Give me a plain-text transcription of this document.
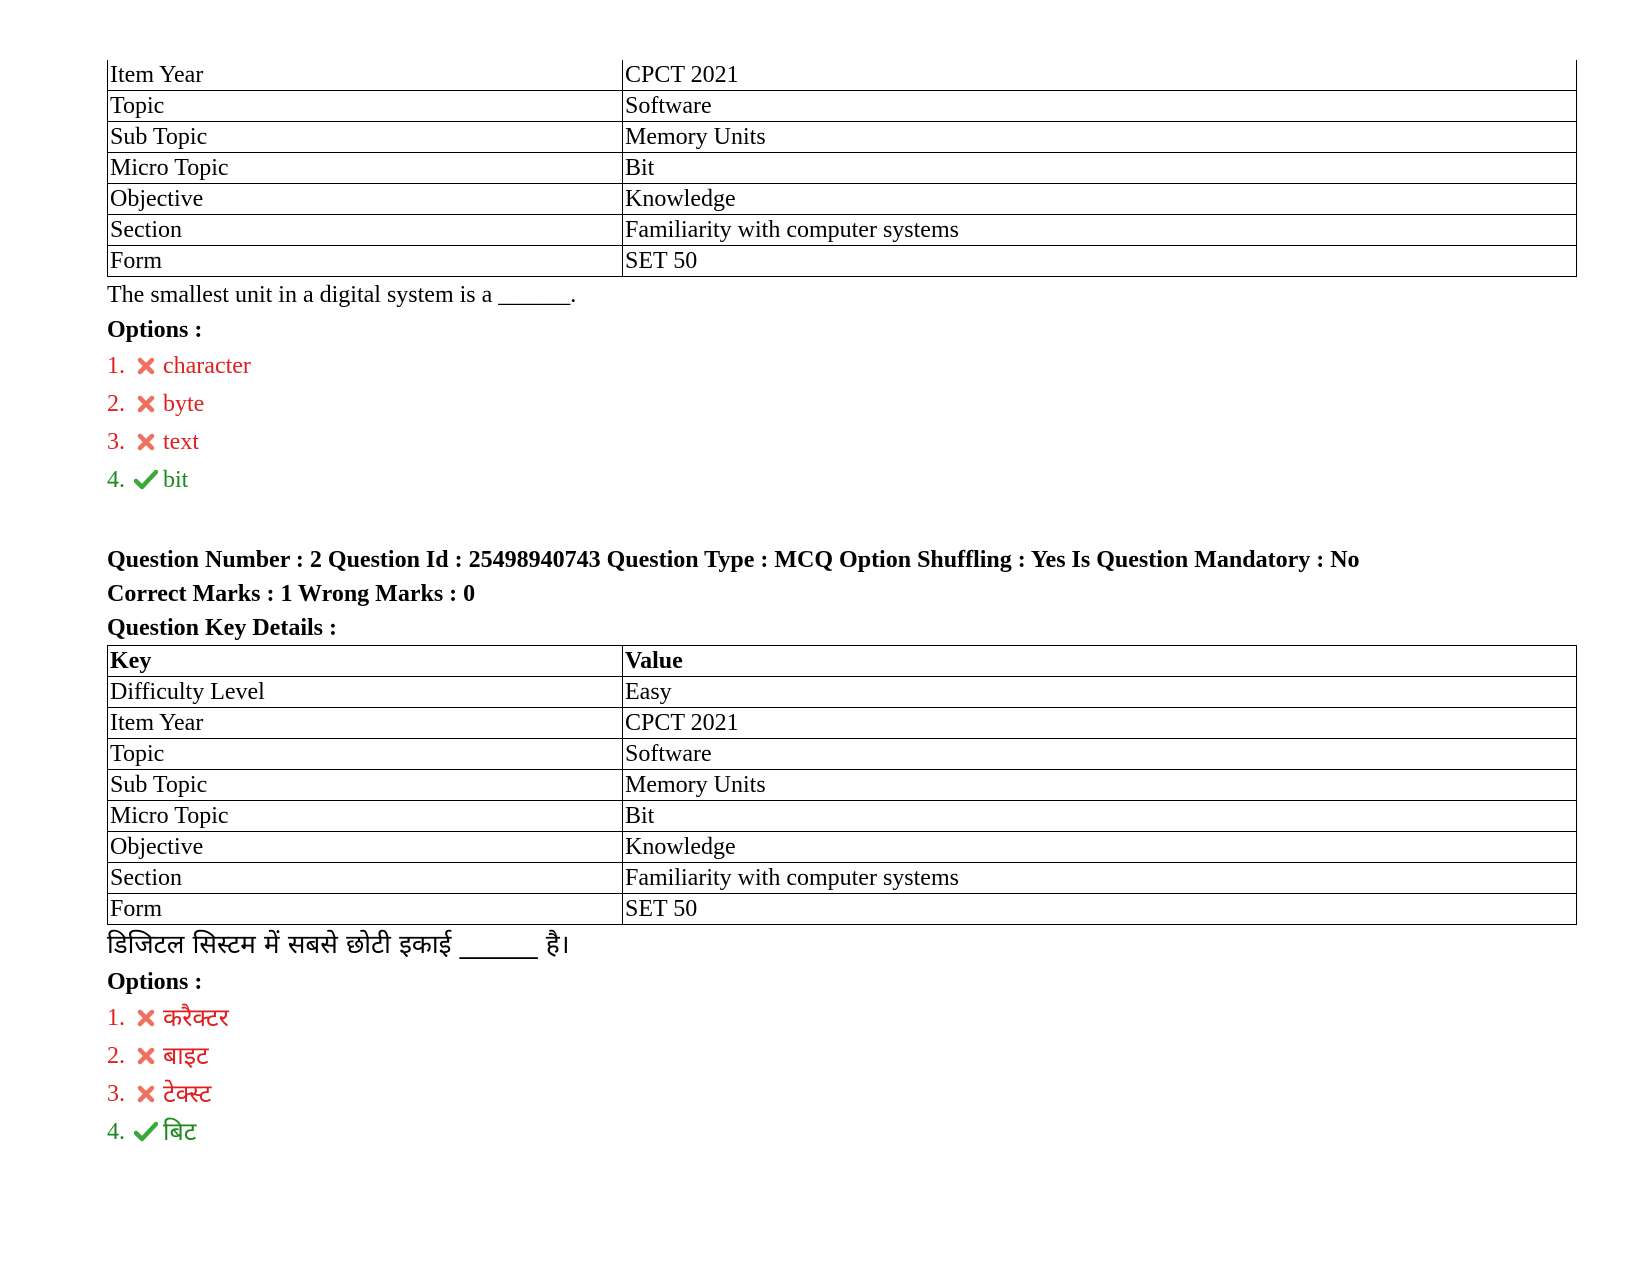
Item Year	CPCT 2021
Topic	Software
Sub Topic	Memory Units
Micro Topic	Bit
Objective	Knowledge
Section	Familiarity with computer systems
Form	SET 50
The smallest unit in a digital system is a ______.
Options :
1. character
2. byte
3. text
4. bit
Question Number : 2 Question Id : 25498940743 Question Type : MCQ Option Shuffling : Yes Is Question Mandatory : No
Correct Marks : 1 Wrong Marks : 0
Question Key Details :
Key	Value
Difficulty Level	Easy
Item Year	CPCT 2021
Topic	Software
Sub Topic	Memory Units
Micro Topic	Bit
Objective	Knowledge
Section	Familiarity with computer systems
Form	SET 50
डिजिटल सिस्टम में सबसे छोटी इकाई ______ है।
Options :
1. करैक्टर
2. बाइट
3. टेक्स्ट
4. बिट
